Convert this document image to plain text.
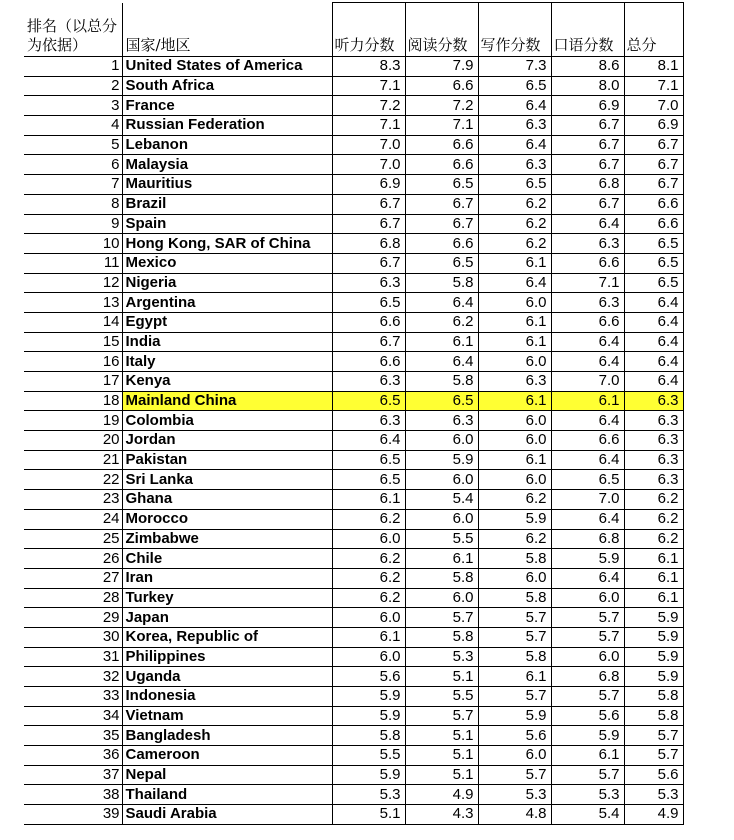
排名（以总分为依据）	国家/地区	听力分数	阅读分数	写作分数	口语分数	总分
1	United States of America	8.3	7.9	7.3	8.6	8.1
2	South Africa	7.1	6.6	6.5	8.0	7.1
3	France	7.2	7.2	6.4	6.9	7.0
4	Russian Federation	7.1	7.1	6.3	6.7	6.9
5	Lebanon	7.0	6.6	6.4	6.7	6.7
6	Malaysia	7.0	6.6	6.3	6.7	6.7
7	Mauritius	6.9	6.5	6.5	6.8	6.7
8	Brazil	6.7	6.7	6.2	6.7	6.6
9	Spain	6.7	6.7	6.2	6.4	6.6
10	Hong Kong, SAR of China	6.8	6.6	6.2	6.3	6.5
11	Mexico	6.7	6.5	6.1	6.6	6.5
12	Nigeria	6.3	5.8	6.4	7.1	6.5
13	Argentina	6.5	6.4	6.0	6.3	6.4
14	Egypt	6.6	6.2	6.1	6.6	6.4
15	India	6.7	6.1	6.1	6.4	6.4
16	Italy	6.6	6.4	6.0	6.4	6.4
17	Kenya	6.3	5.8	6.3	7.0	6.4
18	Mainland China	6.5	6.5	6.1	6.1	6.3
19	Colombia	6.3	6.3	6.0	6.4	6.3
20	Jordan	6.4	6.0	6.0	6.6	6.3
21	Pakistan	6.5	5.9	6.1	6.4	6.3
22	Sri Lanka	6.5	6.0	6.0	6.5	6.3
23	Ghana	6.1	5.4	6.2	7.0	6.2
24	Morocco	6.2	6.0	5.9	6.4	6.2
25	Zimbabwe	6.0	5.5	6.2	6.8	6.2
26	Chile	6.2	6.1	5.8	5.9	6.1
27	Iran	6.2	5.8	6.0	6.4	6.1
28	Turkey	6.2	6.0	5.8	6.0	6.1
29	Japan	6.0	5.7	5.7	5.7	5.9
30	Korea, Republic of	6.1	5.8	5.7	5.7	5.9
31	Philippines	6.0	5.3	5.8	6.0	5.9
32	Uganda	5.6	5.1	6.1	6.8	5.9
33	Indonesia	5.9	5.5	5.7	5.7	5.8
34	Vietnam	5.9	5.7	5.9	5.6	5.8
35	Bangladesh	5.8	5.1	5.6	5.9	5.7
36	Cameroon	5.5	5.1	6.0	6.1	5.7
37	Nepal	5.9	5.1	5.7	5.7	5.6
38	Thailand	5.3	4.9	5.3	5.3	5.3
39	Saudi Arabia	5.1	4.3	4.8	5.4	4.9
